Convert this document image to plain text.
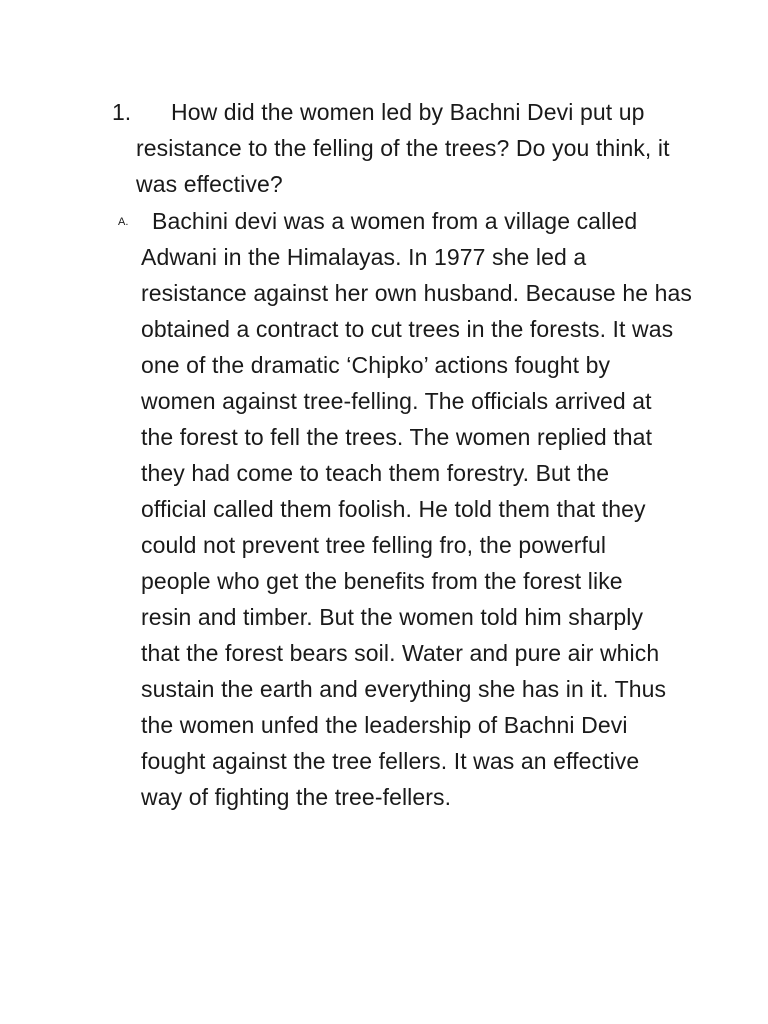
1. How did the women led by Bachni Devi put up
resistance to the felling of the trees? Do you think, it
was effective?
A. Bachini devi was a women from a village called
Adwani in the Himalayas. In 1977 she led a
resistance against her own husband. Because he has
obtained a contract to cut trees in the forests. It was
one of the dramatic ‘Chipko’ actions fought by
women against tree-felling. The officials arrived at
the forest to fell the trees. The women replied that
they had come to teach them forestry. But the
official called them foolish. He told them that they
could not prevent tree felling fro, the powerful
people who get the benefits from the forest like
resin and timber. But the women told him sharply
that the forest bears soil. Water and pure air which
sustain the earth and everything she has in it. Thus
the women unfed the leadership of Bachni Devi
fought against the tree fellers. It was an effective
way of fighting the tree-fellers.
